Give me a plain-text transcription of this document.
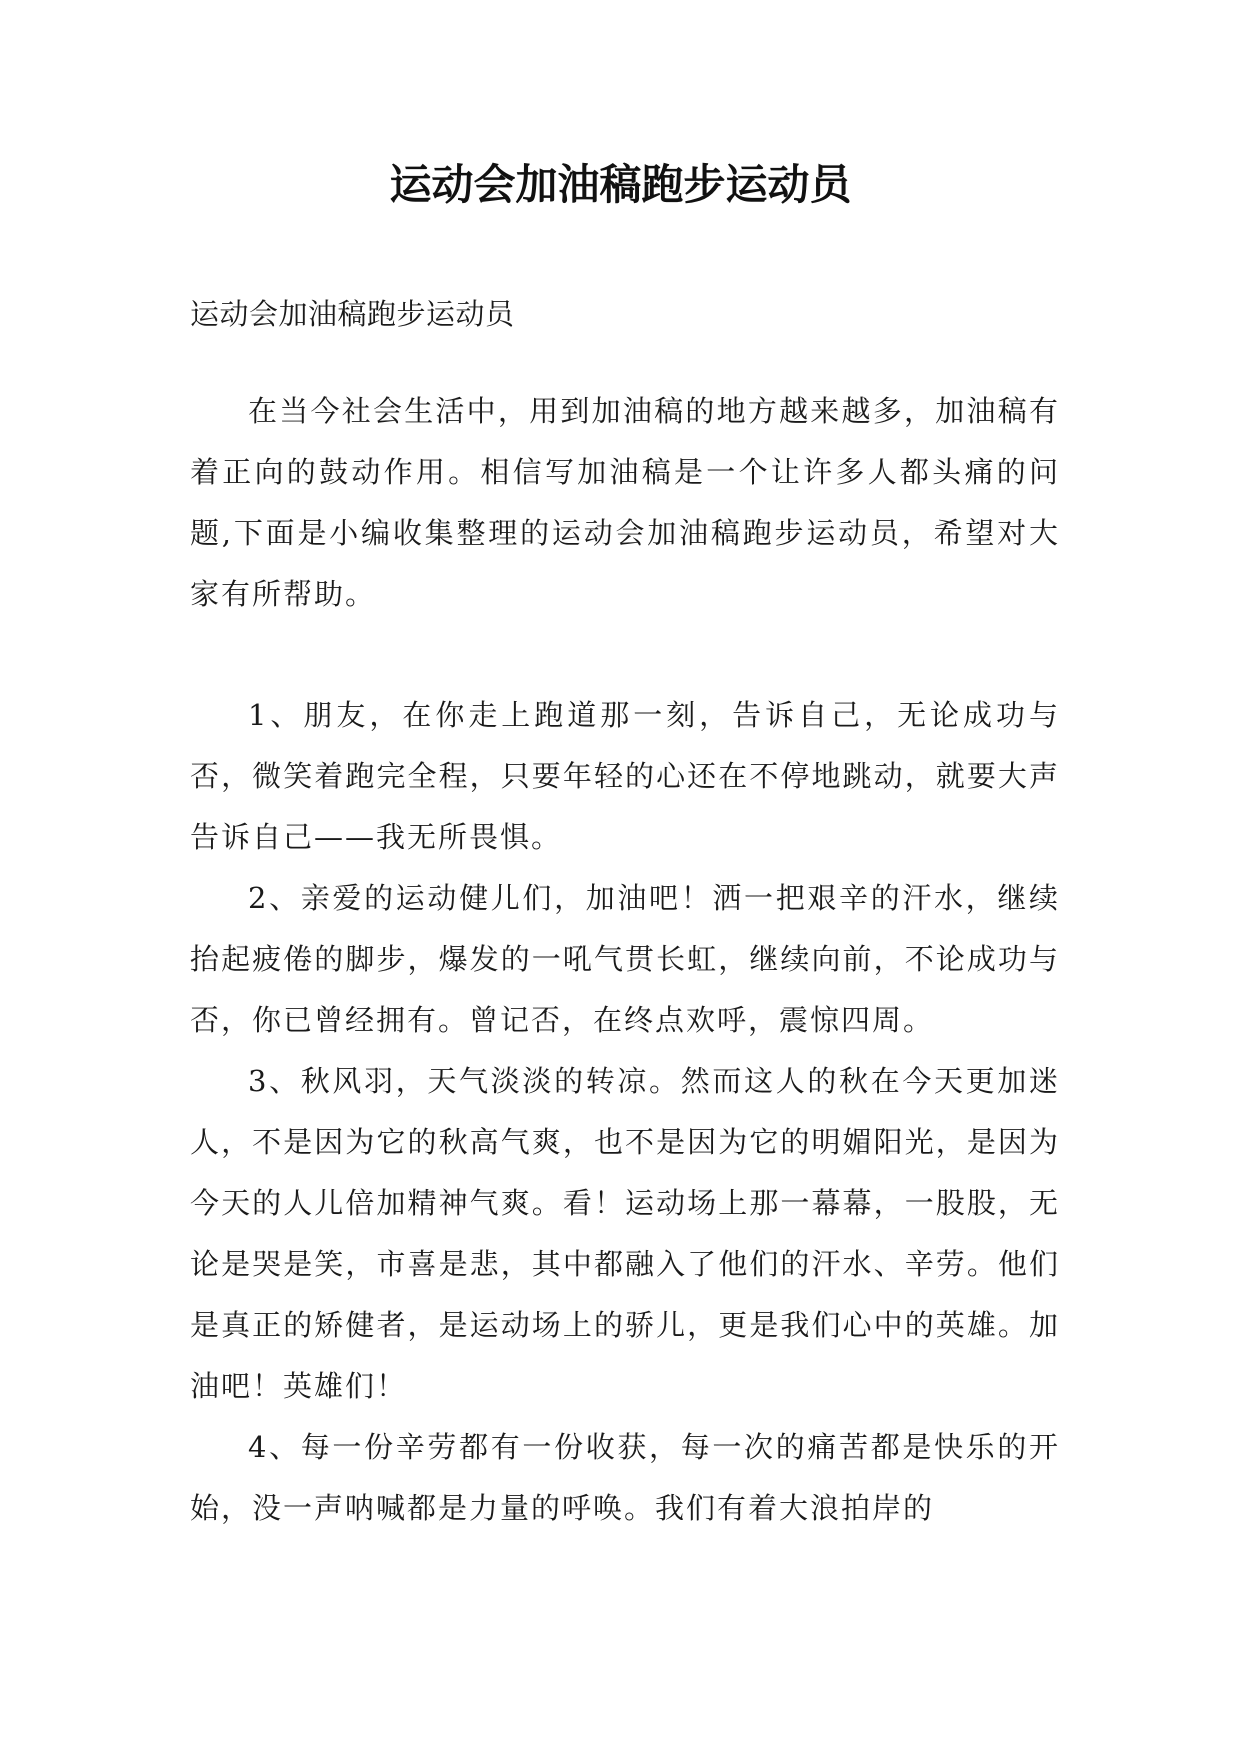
运动会加油稿跑步运动员

运动会加油稿跑步运动员

在当今社会生活中，用到加油稿的地方越来越多，加油稿有着正向的鼓动作用。相信写加油稿是一个让许多人都头痛的问题,下面是小编收集整理的运动会加油稿跑步运动员，希望对大家有所帮助。

1、朋友，在你走上跑道那一刻，告诉自己，无论成功与否，微笑着跑完全程，只要年轻的心还在不停地跳动，就要大声告诉自己——我无所畏惧。

2、亲爱的运动健儿们，加油吧！洒一把艰辛的汗水，继续抬起疲倦的脚步，爆发的一吼气贯长虹，继续向前，不论成功与否，你已曾经拥有。曾记否，在终点欢呼，震惊四周。

3、秋风羽，天气淡淡的转凉。然而这人的秋在今天更加迷人，不是因为它的秋高气爽，也不是因为它的明媚阳光，是因为今天的人儿倍加精神气爽。看！运动场上那一幕幕，一股股，无论是哭是笑，市喜是悲，其中都融入了他们的汗水、辛劳。他们是真正的矫健者，是运动场上的骄儿，更是我们心中的英雄。加油吧！英雄们！

4、每一份辛劳都有一份收获，每一次的痛苦都是快乐的开始，没一声呐喊都是力量的呼唤。我们有着大浪拍岸的
